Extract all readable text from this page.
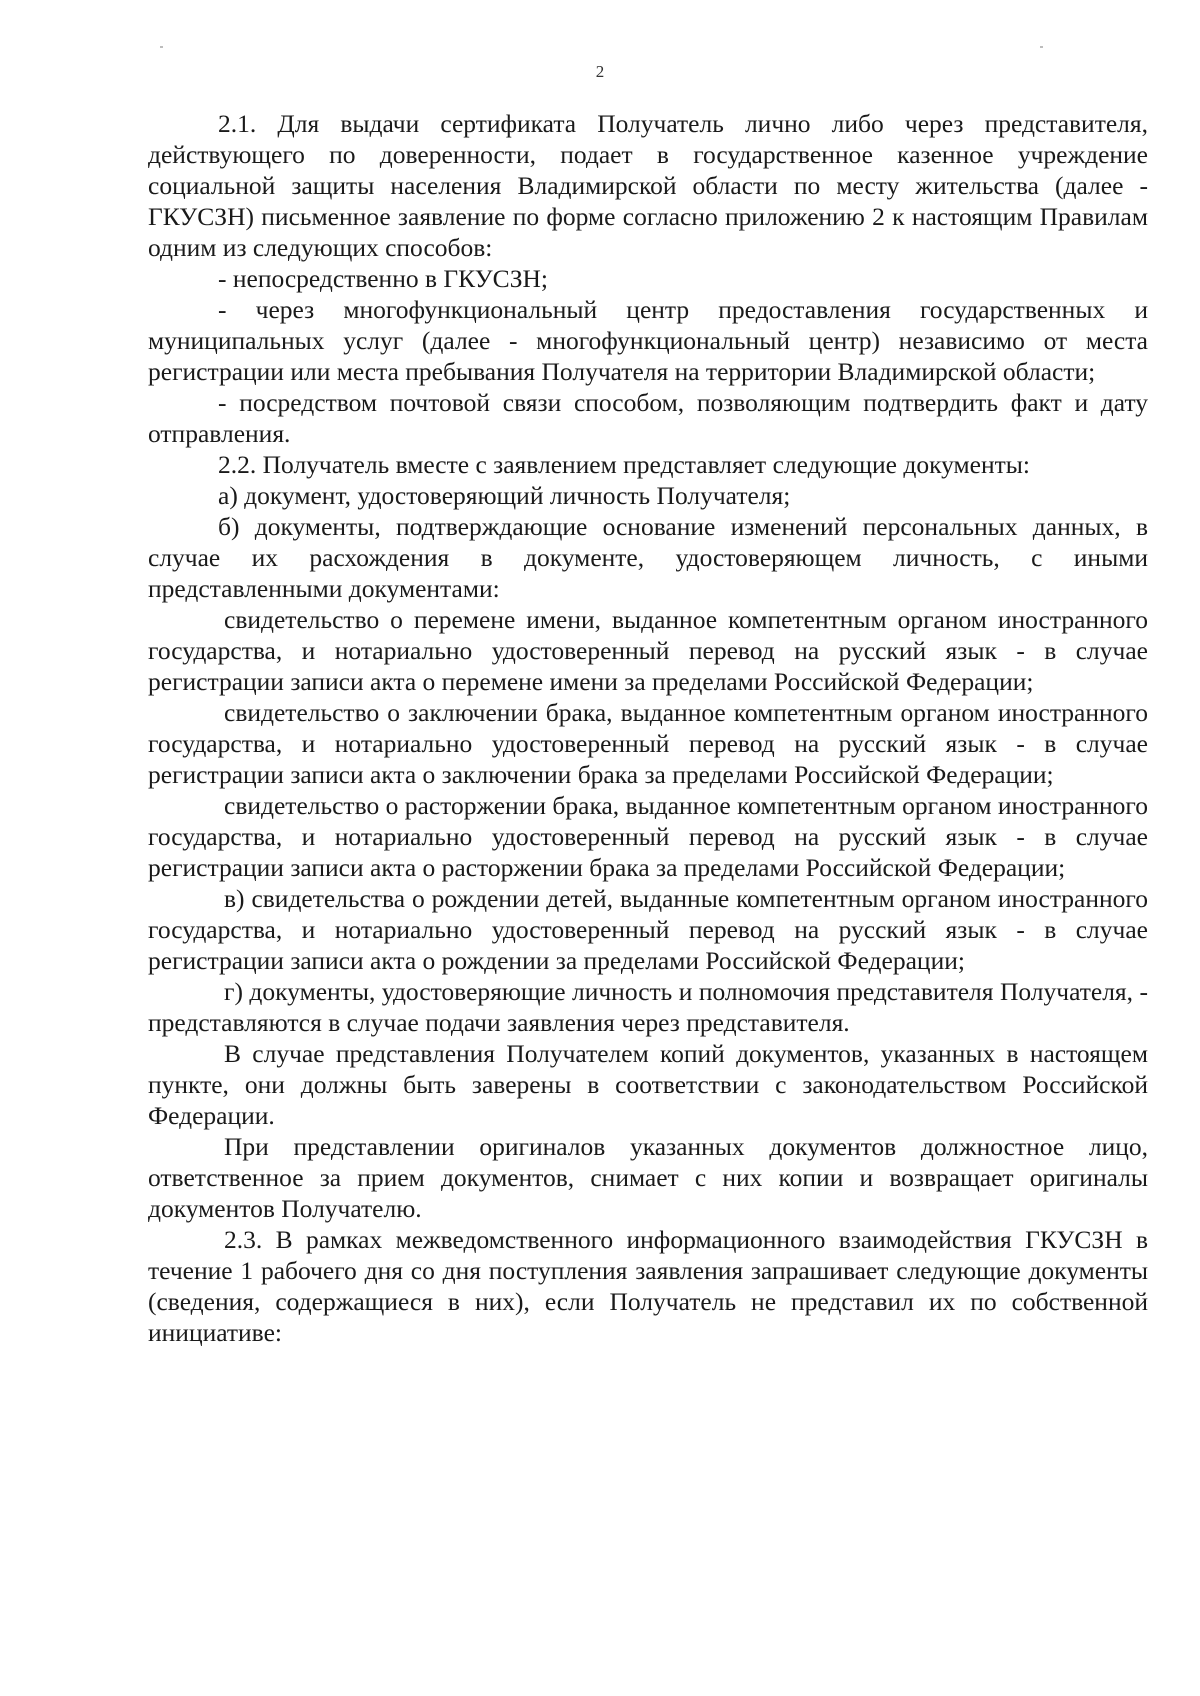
2

2.1. Для выдачи сертификата Получатель лично либо через представителя, действующего по доверенности, подает в государственное казенное учреждение социальной защиты населения Владимирской области по месту жительства (далее - ГКУСЗН) письменное заявление по форме согласно приложению 2 к настоящим Правилам одним из следующих способов:

- непосредственно в ГКУСЗН;

- через многофункциональный центр предоставления государственных и муниципальных услуг (далее - многофункциональный центр) независимо от места регистрации или места пребывания Получателя на территории Владимирской области;

- посредством почтовой связи способом, позволяющим подтвердить факт и дату отправления.

2.2. Получатель вместе с заявлением представляет следующие документы:

а) документ, удостоверяющий личность Получателя;

б) документы, подтверждающие основание изменений персональных данных, в случае их расхождения в документе, удостоверяющем личность, с иными представленными документами:

свидетельство о перемене имени, выданное компетентным органом иностранного государства, и нотариально удостоверенный перевод на русский язык - в случае регистрации записи акта о перемене имени за пределами Российской Федерации;

свидетельство о заключении брака, выданное компетентным органом иностранного государства, и нотариально удостоверенный перевод на русский язык - в случае регистрации записи акта о заключении брака за пределами Российской Федерации;

свидетельство о расторжении брака, выданное компетентным органом иностранного государства, и нотариально удостоверенный перевод на русский язык - в случае регистрации записи акта о расторжении брака за пределами Российской Федерации;

в) свидетельства о рождении детей, выданные компетентным органом иностранного государства, и нотариально удостоверенный перевод на русский язык - в случае регистрации записи акта о рождении за пределами Российской Федерации;

г) документы, удостоверяющие личность и полномочия представителя Получателя, - представляются в случае подачи заявления через представителя.

В случае представления Получателем копий документов, указанных в настоящем пункте, они должны быть заверены в соответствии с законодательством Российской Федерации.

При представлении оригиналов указанных документов должностное лицо, ответственное за прием документов, снимает с них копии и возвращает оригиналы документов Получателю.

2.3. В рамках межведомственного информационного взаимодействия ГКУСЗН в течение 1 рабочего дня со дня поступления заявления запрашивает следующие документы (сведения, содержащиеся в них), если Получатель не представил их по собственной инициативе:
